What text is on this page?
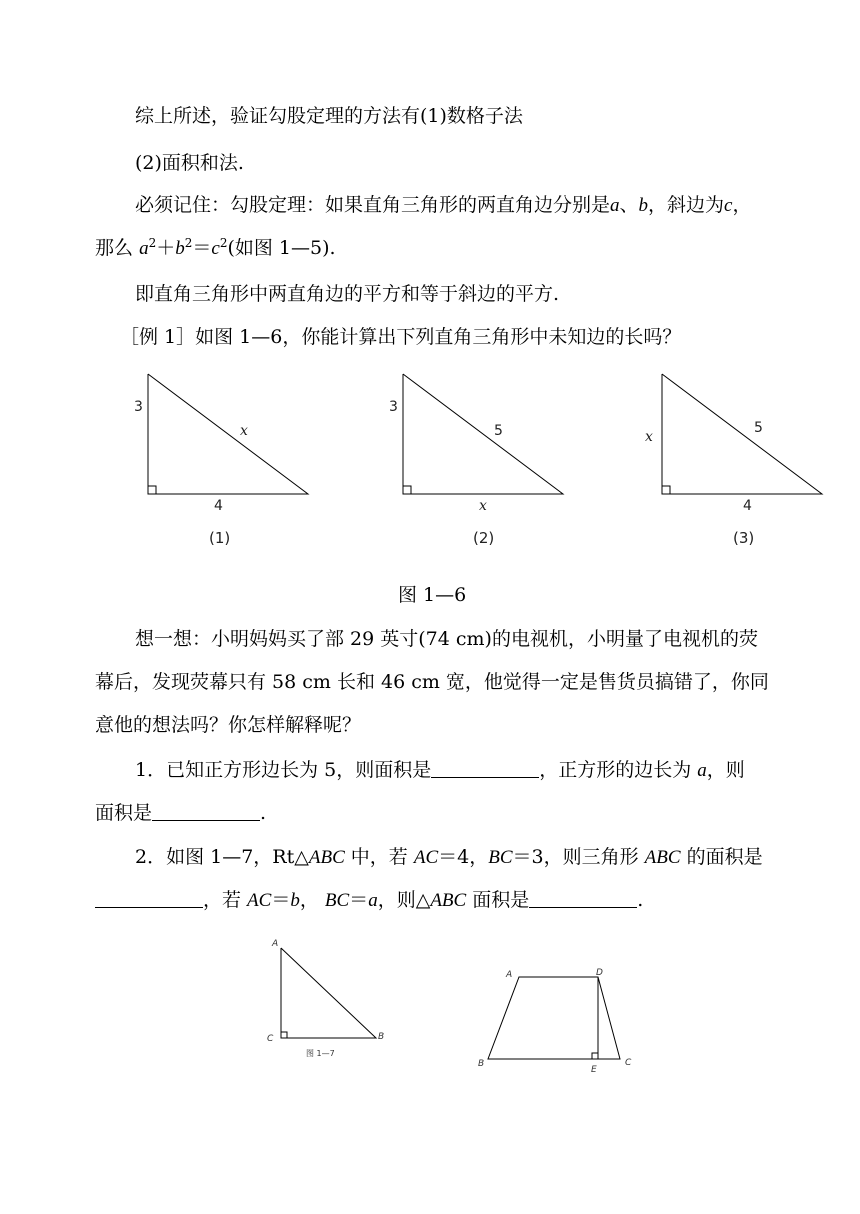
综上所述，验证勾股定理的方法有(1)数格子法
(2)面积和法.
必须记住：勾股定理：如果直角三角形的两直角边分别是a、b，斜边为c，
那么 $a^2+b^2=c^2$(如图 1—5).
即直角三角形中两直角边的平方和等于斜边的平方.
［例 1］如图 1—6，你能计算出下列直角三角形中未知边的长吗？
3
x
4
(1)
3
5
x
(2)
x
5
4
(3)
图 1—6
想一想：小明妈妈买了部 29 英寸(74 cm)的电视机，小明量了电视机的荧
幕后，发现荧幕只有 58 cm 长和 46 cm 宽，他觉得一定是售货员搞错了，你同
意他的想法吗？你怎样解释呢？
1．已知正方形边长为 5，则面积是	，正方形的边长为 a，则
面积是	.
2．如图 1—7，Rt△ABC 中，若 AC＝4，BC＝3，则三角形 ABC 的面积是
，若 AC＝b， BC＝a，则△ABC 面积是	.
A
C	B
图 1—7
A	D
B
E
C
